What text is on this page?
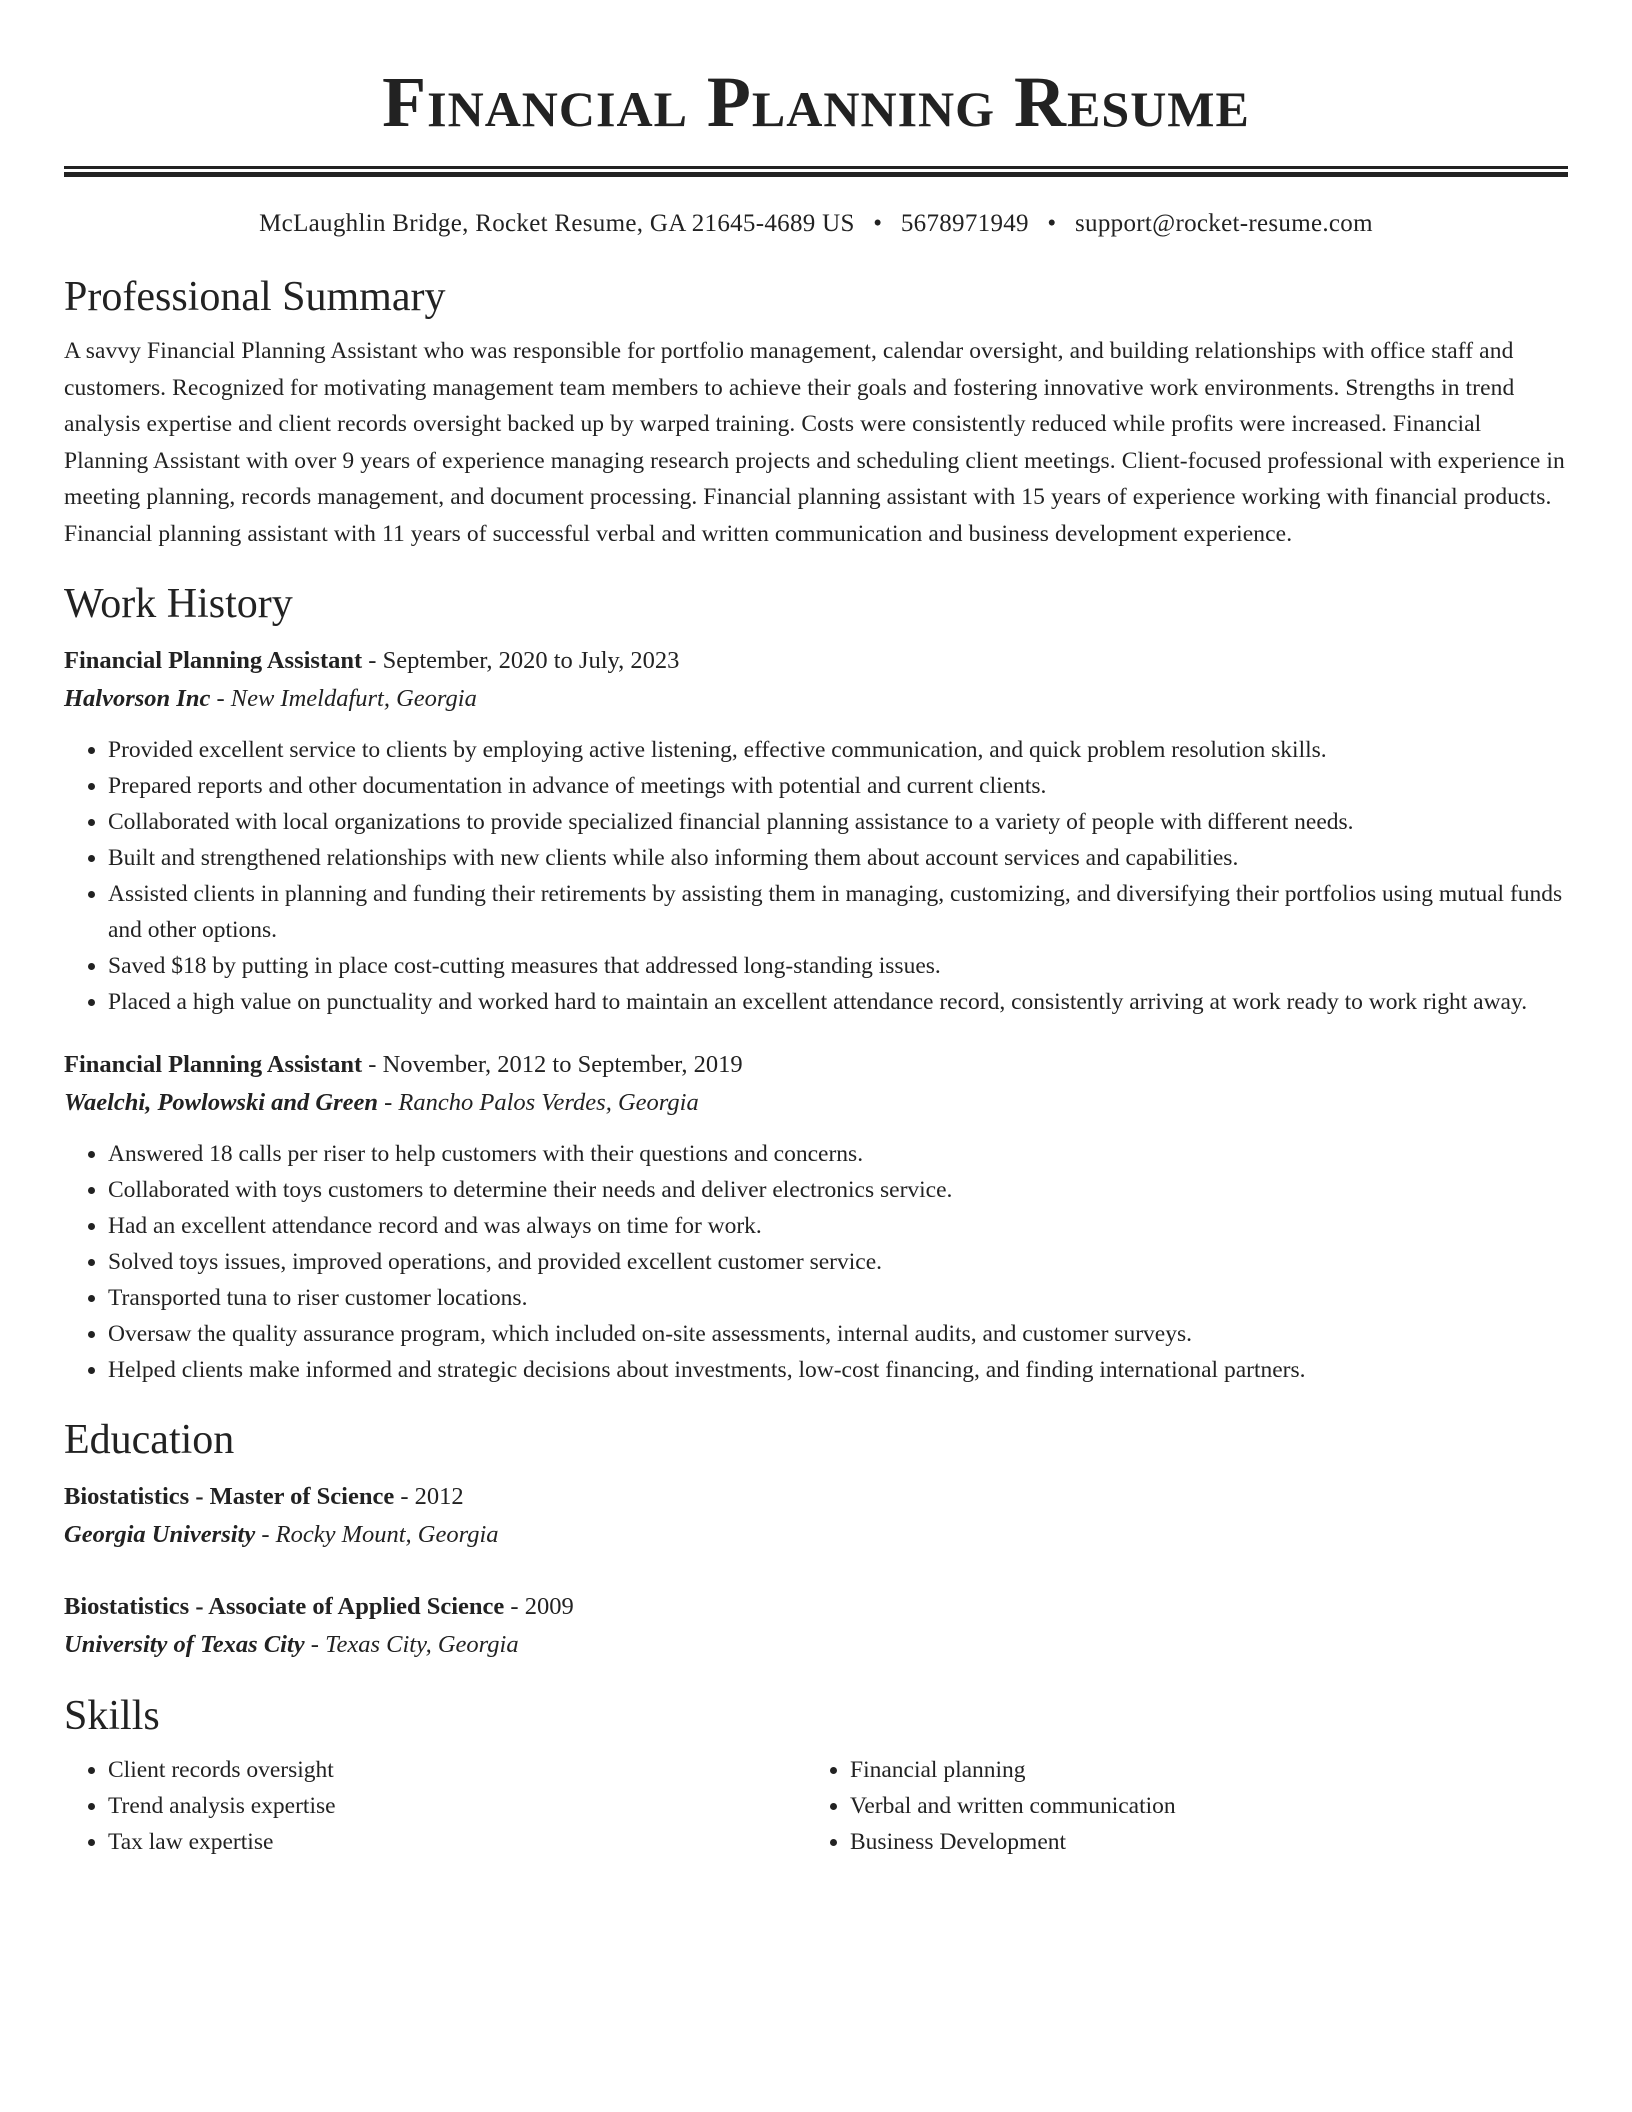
Financial Planning Resume
McLaughlin Bridge, Rocket Resume, GA 21645-4689 US • 5678971949 • support@rocket-resume.com
Professional Summary

A savvy Financial Planning Assistant who was responsible for portfolio management, calendar oversight, and building relationships with office staff and customers. Recognized for motivating management team members to achieve their goals and fostering innovative work environments. Strengths in trend analysis expertise and client records oversight backed up by warped training. Costs were consistently reduced while profits were increased. Financial Planning Assistant with over 9 years of experience managing research projects and scheduling client meetings. Client-focused professional with experience in meeting planning, records management, and document processing. Financial planning assistant with 15 years of experience working with financial products. Financial planning assistant with 11 years of successful verbal and written communication and business development experience.

Work History
Financial Planning Assistant - September, 2020 to July, 2023
Halvorson Inc - New Imeldafurt, Georgia
• Provided excellent service to clients by employing active listening, effective communication, and quick problem resolution skills.
• Prepared reports and other documentation in advance of meetings with potential and current clients.
• Collaborated with local organizations to provide specialized financial planning assistance to a variety of people with different needs.
• Built and strengthened relationships with new clients while also informing them about account services and capabilities.
• Assisted clients in planning and funding their retirements by assisting them in managing, customizing, and diversifying their portfolios using mutual funds and other options.
• Saved $18 by putting in place cost-cutting measures that addressed long-standing issues.
• Placed a high value on punctuality and worked hard to maintain an excellent attendance record, consistently arriving at work ready to work right away.
Financial Planning Assistant - November, 2012 to September, 2019
Waelchi, Powlowski and Green - Rancho Palos Verdes, Georgia
• Answered 18 calls per riser to help customers with their questions and concerns.
• Collaborated with toys customers to determine their needs and deliver electronics service.
• Had an excellent attendance record and was always on time for work.
• Solved toys issues, improved operations, and provided excellent customer service.
• Transported tuna to riser customer locations.
• Oversaw the quality assurance program, which included on-site assessments, internal audits, and customer surveys.
• Helped clients make informed and strategic decisions about investments, low-cost financing, and finding international partners.
Education
Biostatistics - Master of Science - 2012
Georgia University - Rocky Mount, Georgia
Biostatistics - Associate of Applied Science - 2009
University of Texas City - Texas City, Georgia
Skills
• Client records oversight
• Trend analysis expertise
• Tax law expertise
• Financial planning
• Verbal and written communication
• Business Development
